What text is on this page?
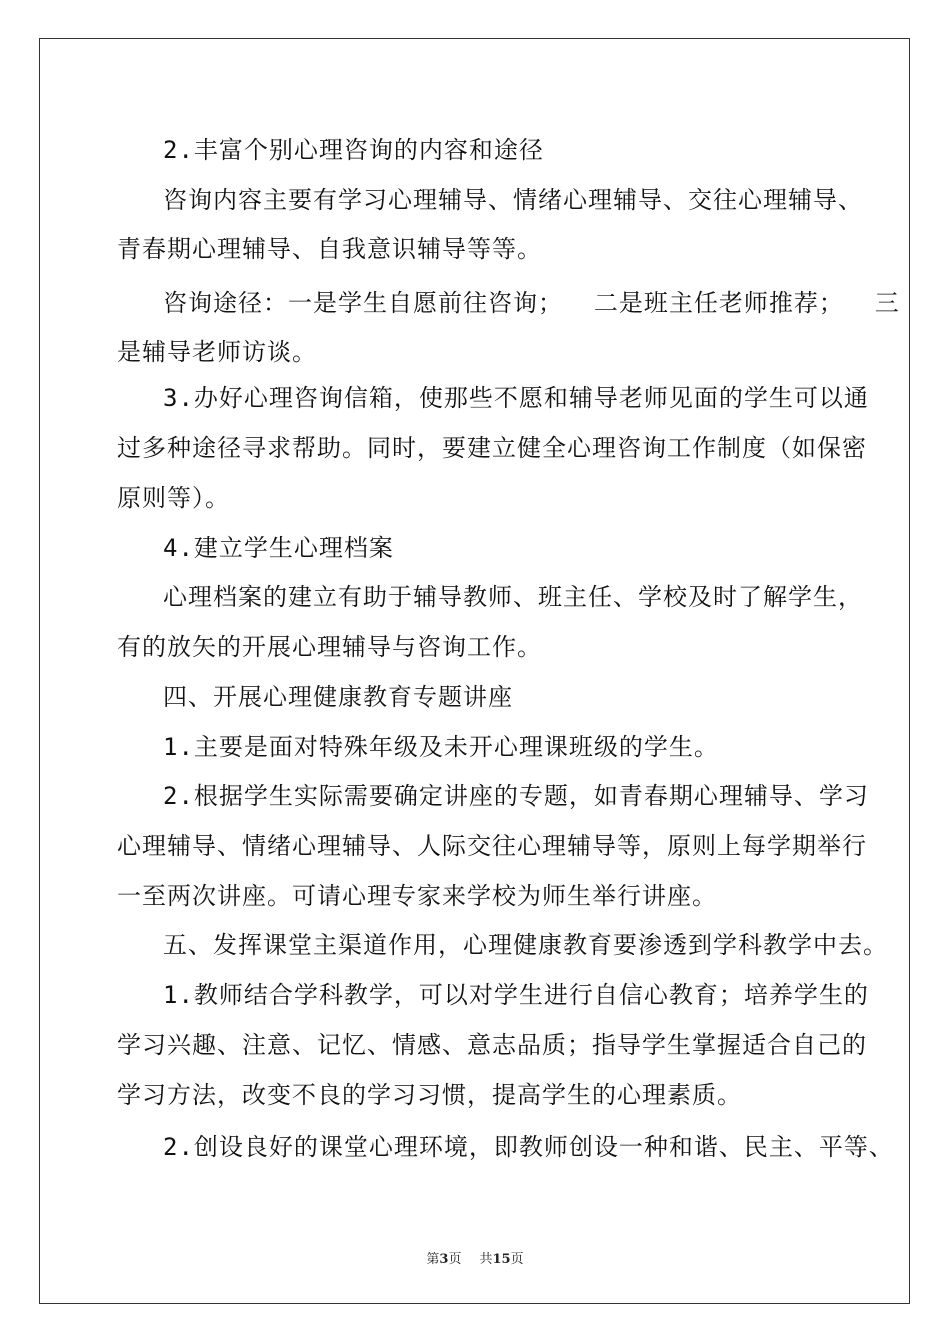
2.丰富个别心理咨询的内容和途径
咨询内容主要有学习心理辅导、情绪心理辅导、交往心理辅导、
青春期心理辅导、自我意识辅导等等。
咨询途径：一是学生自愿前往咨询；  二是班主任老师推荐；  三
是辅导老师访谈。
3.办好心理咨询信箱，使那些不愿和辅导老师见面的学生可以通
过多种途径寻求帮助。同时，要建立健全心理咨询工作制度（如保密
原则等）。
4.建立学生心理档案
心理档案的建立有助于辅导教师、班主任、学校及时了解学生，
有的放矢的开展心理辅导与咨询工作。
四、开展心理健康教育专题讲座
1.主要是面对特殊年级及未开心理课班级的学生。
2.根据学生实际需要确定讲座的专题，如青春期心理辅导、学习
心理辅导、情绪心理辅导、人际交往心理辅导等，原则上每学期举行
一至两次讲座。可请心理专家来学校为师生举行讲座。
五、发挥课堂主渠道作用，心理健康教育要渗透到学科教学中去。
1.教师结合学科教学，可以对学生进行自信心教育；培养学生的
学习兴趣、注意、记忆、情感、意志品质；指导学生掌握适合自己的
学习方法，改变不良的学习习惯，提高学生的心理素质。
2.创设良好的课堂心理环境，即教师创设一种和谐、民主、平等、
第3页 共15页
